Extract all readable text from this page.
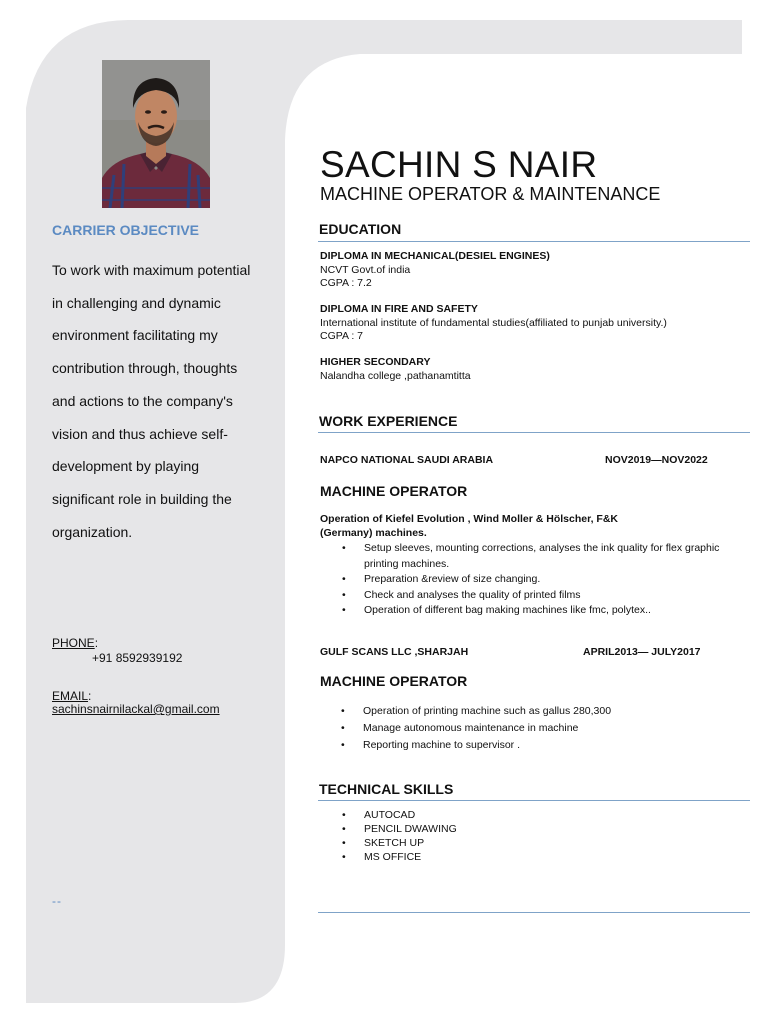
CARRIER OBJECTIVE
To work with maximum potential
in challenging and dynamic
environment facilitating my
contribution through, thoughts
and actions to the company's
vision and thus achieve self-
development by playing
significant role in building the
organization.
PHONE:
+91 8592939192
EMAIL:
sachinsnairnilackal@gmail.com
--
SACHIN S NAIR
MACHINE OPERATOR & MAINTENANCE
EDUCATION
DIPLOMA IN MECHANICAL(DESIEL ENGINES)
NCVT Govt.of india
CGPA : 7.2
DIPLOMA IN FIRE AND SAFETY
International institute of fundamental studies(affiliated to punjab university.)
CGPA : 7
HIGHER SECONDARY
Nalandha college ,pathanamtitta
WORK EXPERIENCE
NAPCO NATIONAL SAUDI ARABIA	NOV2019—NOV2022
MACHINE OPERATOR
Operation of Kiefel Evolution , Wind Moller & Hölscher, F&K
(Germany) machines.
• Setup sleeves, mounting corrections, analyses the ink quality for flex graphic
printing machines.
• Preparation &review of size changing.
• Check and analyses the quality of printed films
• Operation of different bag making machines like fmc, polytex..
GULF SCANS LLC ,SHARJAH	APRIL2013— JULY2017
MACHINE OPERATOR
• Operation of printing machine such as gallus 280,300
• Manage autonomous maintenance in machine
• Reporting machine to supervisor .
TECHNICAL SKILLS
• AUTOCAD
• PENCIL DWAWING
• SKETCH UP
• MS OFFICE
